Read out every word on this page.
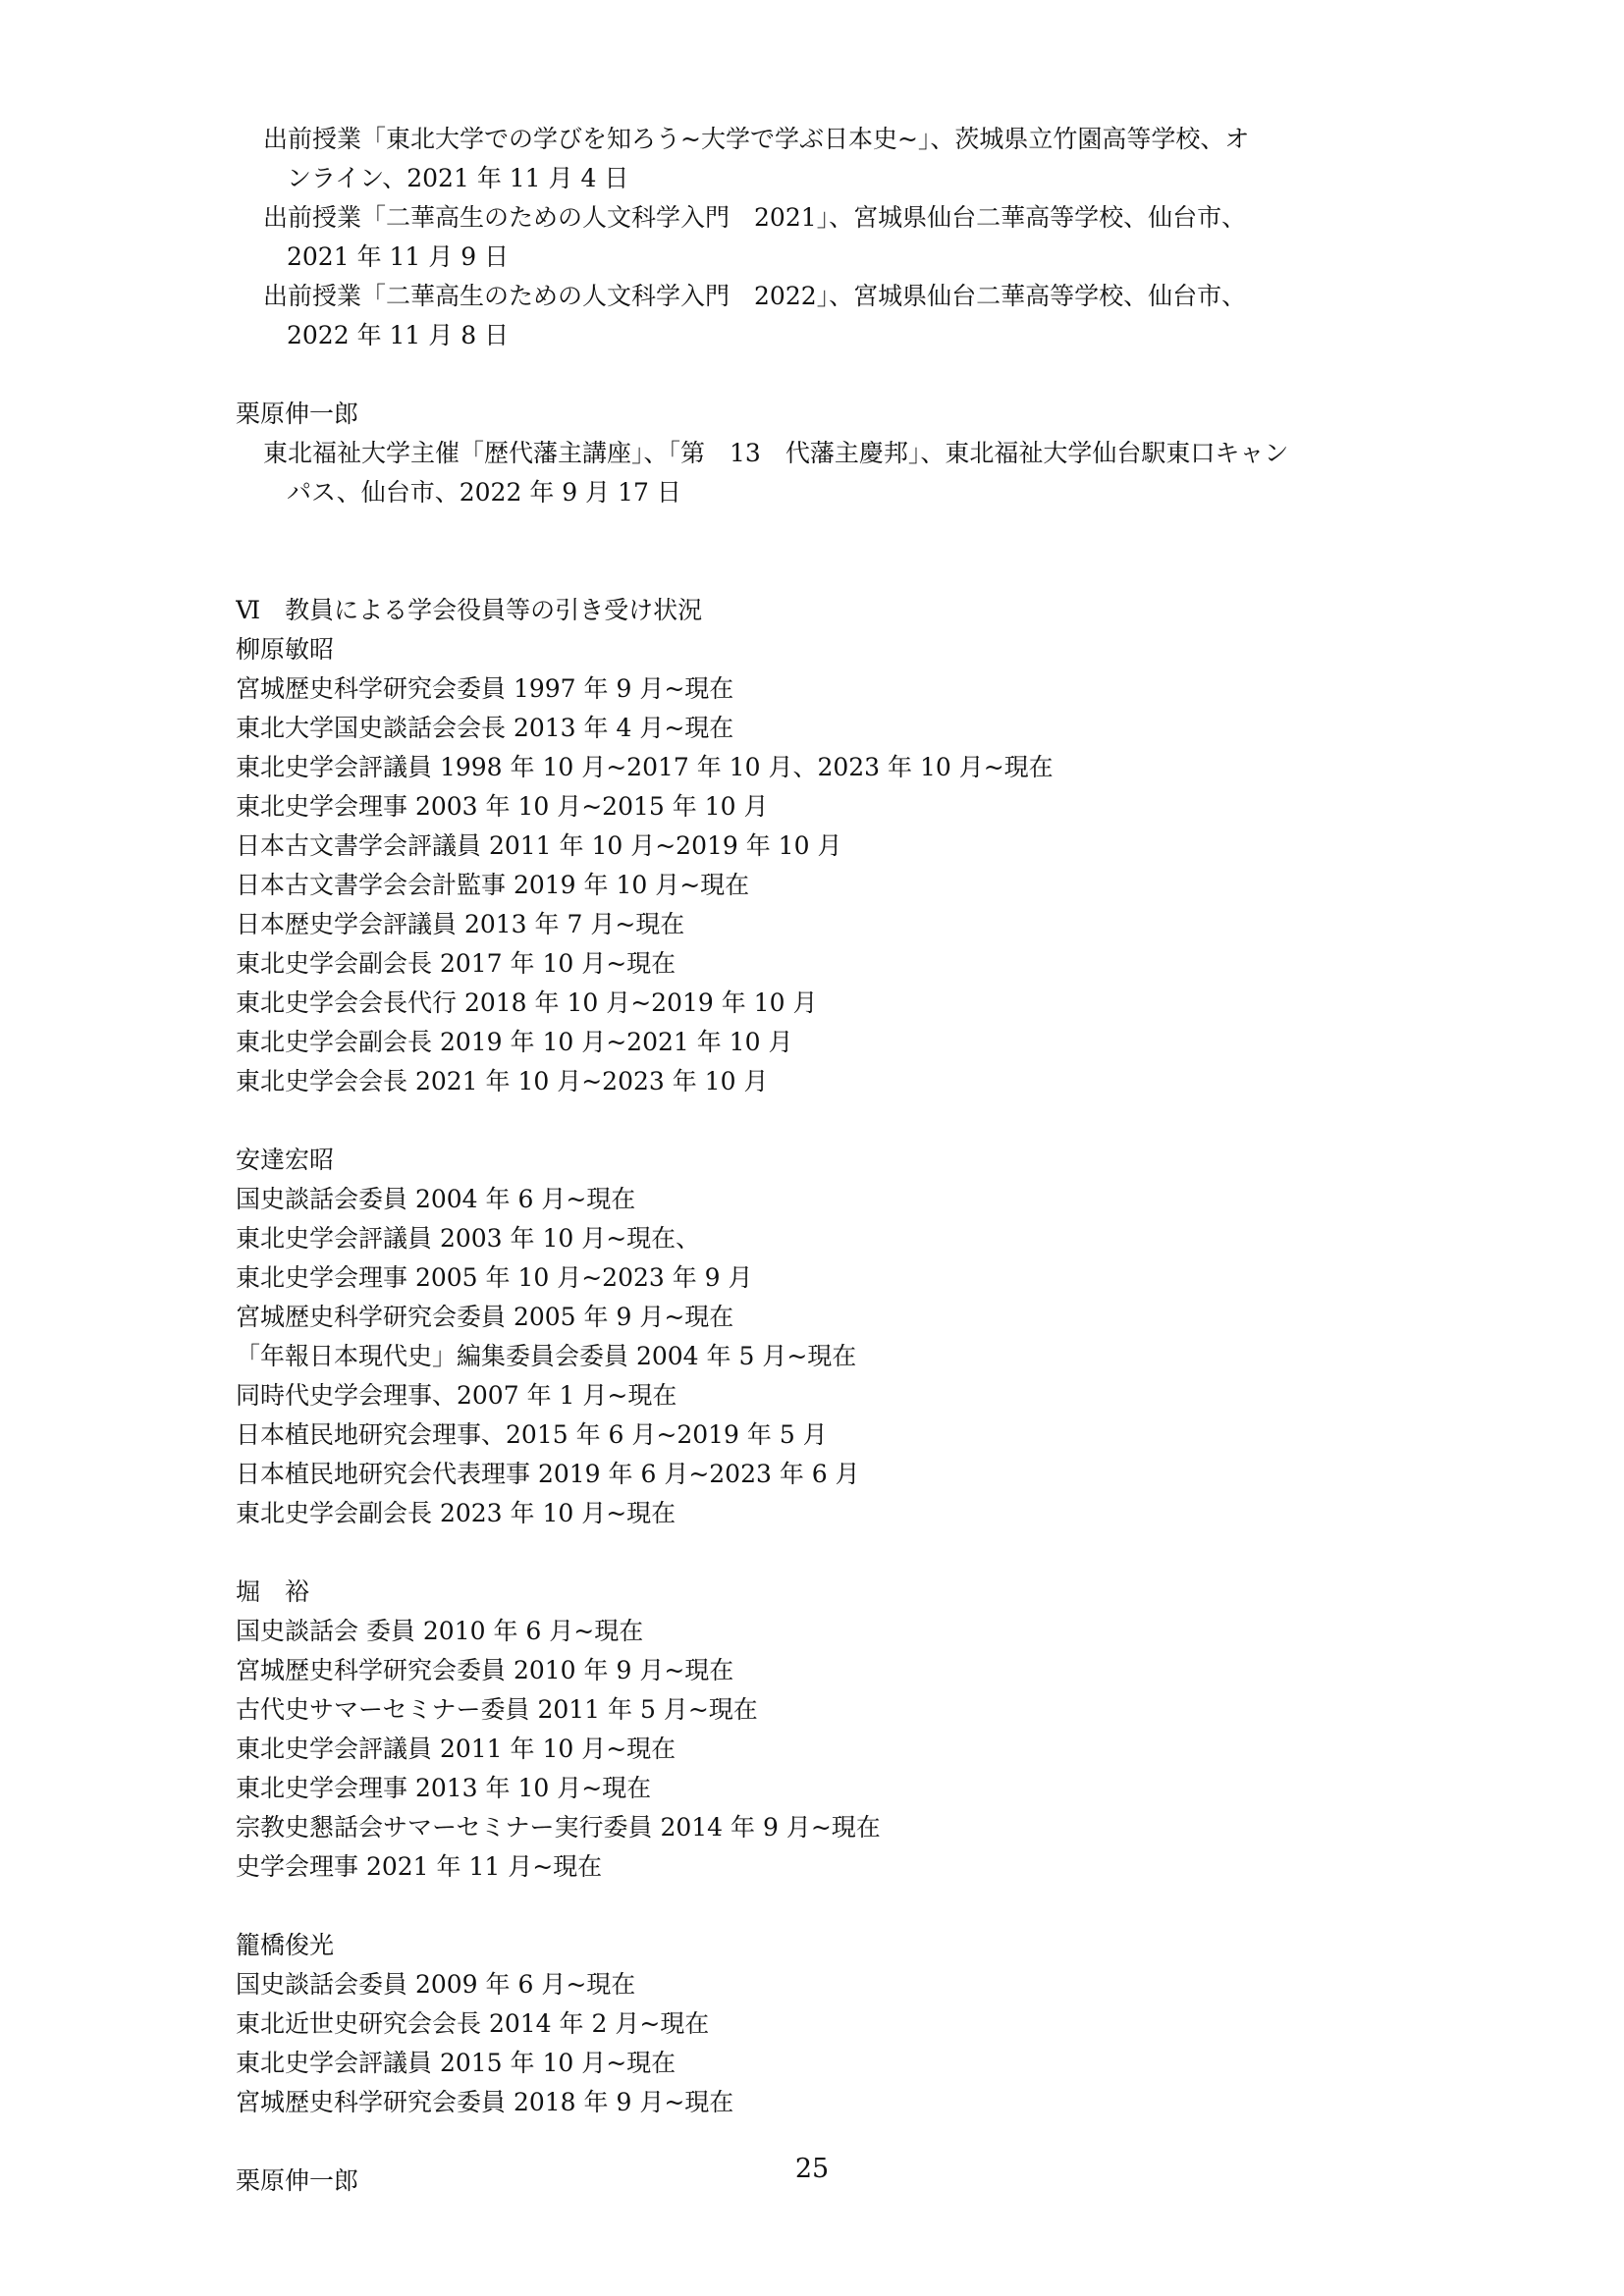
出前授業「東北大学での学びを知ろう~大学で学ぶ日本史~」、茨城県立竹園高等学校、オ
ンライン、2021 年 11 月 4 日
出前授業「二華高生のための人文科学入門　2021」、宮城県仙台二華高等学校、仙台市、
2021 年 11 月 9 日
出前授業「二華高生のための人文科学入門　2022」、宮城県仙台二華高等学校、仙台市、
2022 年 11 月 8 日
栗原伸一郎
東北福祉大学主催「歴代藩主講座」、「第　13　代藩主慶邦」、東北福祉大学仙台駅東口キャン
パス、仙台市、2022 年 9 月 17 日
Ⅵ　教員による学会役員等の引き受け状況
柳原敏昭
宮城歴史科学研究会委員 1997 年 9 月~現在
東北大学国史談話会会長 2013 年 4 月~現在
東北史学会評議員 1998 年 10 月~2017 年 10 月、2023 年 10 月~現在
東北史学会理事 2003 年 10 月~2015 年 10 月
日本古文書学会評議員 2011 年 10 月~2019 年 10 月
日本古文書学会会計監事 2019 年 10 月~現在
日本歴史学会評議員 2013 年 7 月~現在
東北史学会副会長 2017 年 10 月~現在
東北史学会会長代行 2018 年 10 月~2019 年 10 月
東北史学会副会長 2019 年 10 月~2021 年 10 月
東北史学会会長 2021 年 10 月~2023 年 10 月
安達宏昭
国史談話会委員 2004 年 6 月~現在
東北史学会評議員 2003 年 10 月~現在、
東北史学会理事 2005 年 10 月~2023 年 9 月
宮城歴史科学研究会委員 2005 年 9 月~現在
「年報日本現代史」編集委員会委員 2004 年 5 月~現在
同時代史学会理事、2007 年 1 月~現在
日本植民地研究会理事、2015 年 6 月~2019 年 5 月
日本植民地研究会代表理事 2019 年 6 月~2023 年 6 月
東北史学会副会長 2023 年 10 月~現在
堀　裕
国史談話会 委員 2010 年 6 月~現在
宮城歴史科学研究会委員 2010 年 9 月~現在
古代史サマーセミナー委員 2011 年 5 月~現在
東北史学会評議員 2011 年 10 月~現在
東北史学会理事 2013 年 10 月~現在
宗教史懇話会サマーセミナー実行委員 2014 年 9 月~現在
史学会理事 2021 年 11 月~現在
籠橋俊光
国史談話会委員 2009 年 6 月~現在
東北近世史研究会会長 2014 年 2 月~現在
東北史学会評議員 2015 年 10 月~現在
宮城歴史科学研究会委員 2018 年 9 月~現在
栗原伸一郎	25
